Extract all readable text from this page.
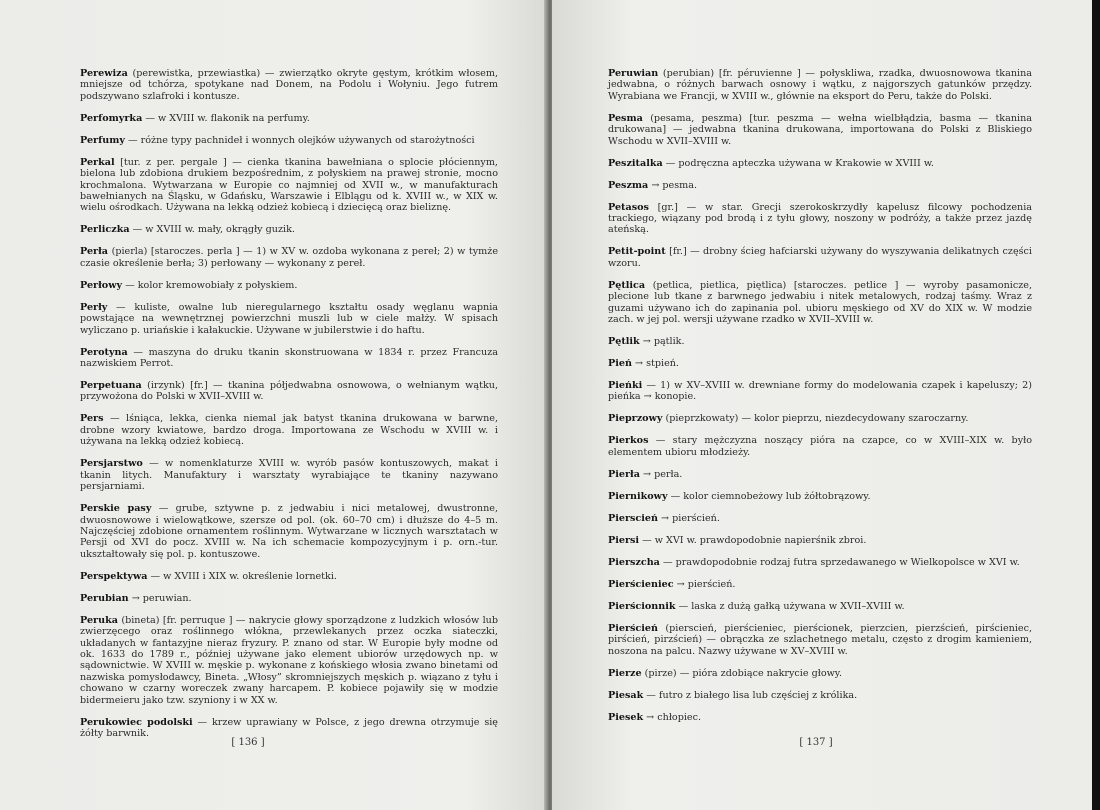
Perewiza (perewistka, przewiastka) — zwierzątko okryte gęstym, krótkim włosem, mniejsze od tchórza, spotykane nad Donem, na Podolu i Wołyniu. Jego futrem podszywano szlafroki i kontusze.

Perfomyrka — w XVIII w. flakonik na perfumy.

Perfumy — różne typy pachnideł i wonnych olejków używanych od starożytności

Perkal [tur. z per. pergale ] — cienka tkanina bawełniana o splocie płóciennym, bielona lub zdobiona drukiem bezpośrednim, z połyskiem na prawej stronie, mocno krochmalona. Wytwarzana w Europie co najmniej od XVII w., w manufakturach bawełnianych na Śląsku, w Gdańsku, Warszawie i Elblągu od k. XVIII w., w XIX w. wielu ośrodkach. Używana na lekką odzież kobiecą i dziecięcą oraz bieliznę.

Perliczka — w XVIII w. mały, okrągły guzik.

Perła (pierla) [staroczes. perla ] — 1) w XV w. ozdoba wykonana z pereł; 2) w tymże czasie określenie berła; 3) perłowany — wykonany z pereł.

Perłowy — kolor kremowobiały z połyskiem.

Perły — kuliste, owalne lub nieregularnego kształtu osady węglanu wapnia powstające na wewnętrznej powierzchni muszli lub w ciele małży. W spisach wyliczano p. uriańskie i kałakuckie. Używane w jubilerstwie i do haftu.

Perotyna — maszyna do druku tkanin skonstruowana w 1834 r. przez Francuza nazwiskiem Perrot.

Perpetuana (irzynk) [fr.] — tkanina półjedwabna osnowowa, o wełnianym wątku, przywożona do Polski w XVII–XVIII w.

Pers — lśniąca, lekka, cienka niemal jak batyst tkanina drukowana w barwne, drobne wzory kwiatowe, bardzo droga. Importowana ze Wschodu w XVIII w. i używana na lekką odzież kobiecą.

Persjarstwo — w nomenklaturze XVIII w. wyrób pasów kontuszowych, makat i tkanin litych. Manufaktury i warsztaty wyrabiające te tkaniny nazywano persjarniami.

Perskie pasy — grube, sztywne p. z jedwabiu i nici metalowej, dwustronne, dwuosnowowe i wielowątkowe, szersze od pol. (ok. 60–70 cm) i dłuższe do 4–5 m. Najczęściej zdobione ornamentem roślinnym. Wytwarzane w licznych warsztatach w Persji od XVI do pocz. XVIII w. Na ich schemacie kompozycyjnym i p. orn.-tur. ukształtowały się pol. p. kontuszowe.

Perspektywa — w XVIII i XIX w. określenie lornetki.

Perubian → peruwian.

Peruka (bineta) [fr. perruque ] — nakrycie głowy sporządzone z ludzkich włosów lub zwierzęcego oraz roślinnego włókna, przewlekanych przez oczka siateczki, układanych w fantazyjne nieraz fryzury. P. znano od star. W Europie były modne od ok. 1633 do 1789 r., później używane jako element ubiorów urzędowych np. w sądownictwie. W XVIII w. męskie p. wykonane z końskiego włosia zwano binetami od nazwiska pomysłodawcy, Bineta. „Włosy” skromniejszych męskich p. wiązano z tyłu i chowano w czarny woreczek zwany harcapem. P. kobiece pojawiły się w modzie bidermeieru jako tzw. szyniony i w XX w.

Perukowiec podolski — krzew uprawiany w Polsce, z jego drewna otrzymuje się żółty barwnik.

[ 136 ]

Peruwian (perubian) [fr. péruvienne ] — połyskliwa, rzadka, dwuosnowowa tkanina jedwabna, o różnych barwach osnowy i wątku, z najgorszych gatunków przędzy. Wyrabiana we Francji, w XVIII w., głównie na eksport do Peru, także do Polski.

Pesma (pesama, peszma) [tur. peszma — wełna wielbłądzia, basma — tkanina drukowana] — jedwabna tkanina drukowana, importowana do Polski z Bliskiego Wschodu w XVII–XVIII w.

Peszitalka — podręczna apteczka używana w Krakowie w XVIII w.

Peszma → pesma.

Petasos [gr.] — w star. Grecji szerokoskrzydły kapelusz filcowy pochodzenia trackiego, wiązany pod brodą i z tyłu głowy, noszony w podróży, a także przez jazdę ateńską.

Petit-point [fr.] — drobny ścieg hafciarski używany do wyszywania delikatnych części wzoru.

Pętlica (petlica, pietlica, piętlica) [staroczes. petlice ] — wyroby pasamonicze, plecione lub tkane z barwnego jedwabiu i nitek metalowych, rodzaj taśmy. Wraz z guzami używano ich do zapinania pol. ubioru męskiego od XV do XIX w. W modzie zach. w jej pol. wersji używane rzadko w XVII–XVIII w.

Pętlik → pątlik.

Pień → stpień.

Pieńki — 1) w XV–XVIII w. drewniane formy do modelowania czapek i kapeluszy; 2) pieńka → konopie.

Pieprzowy (pieprzkowaty) — kolor pieprzu, niezdecydowany szaroczarny.

Pierkos — stary mężczyzna noszący pióra na czapce, co w XVIII–XIX w. było elementem ubioru młodzieży.

Pierła → perła.

Piernikowy — kolor ciemnobeżowy lub żółtobrązowy.

Pierscień → pierścień.

Piersi — w XVI w. prawdopodobnie napierśnik zbroi.

Pierszcha — prawdopodobnie rodzaj futra sprzedawanego w Wielkopolsce w XVI w.

Pierścieniec → pierścień.

Pierścionnik — laska z dużą gałką używana w XVII–XVIII w.

Pierścień (pierscień, pierścieniec, pierścionek, pierzcien, pierzścień, pirścieniec, pirścień, pirzścień) — obrączka ze szlachetnego metalu, często z drogim kamieniem, noszona na palcu. Nazwy używane w XV–XVIII w.

Pierze (pirze) — pióra zdobiące nakrycie głowy.

Piesak — futro z białego lisa lub częściej z królika.

Piesek → chłopiec.

[ 137 ]
